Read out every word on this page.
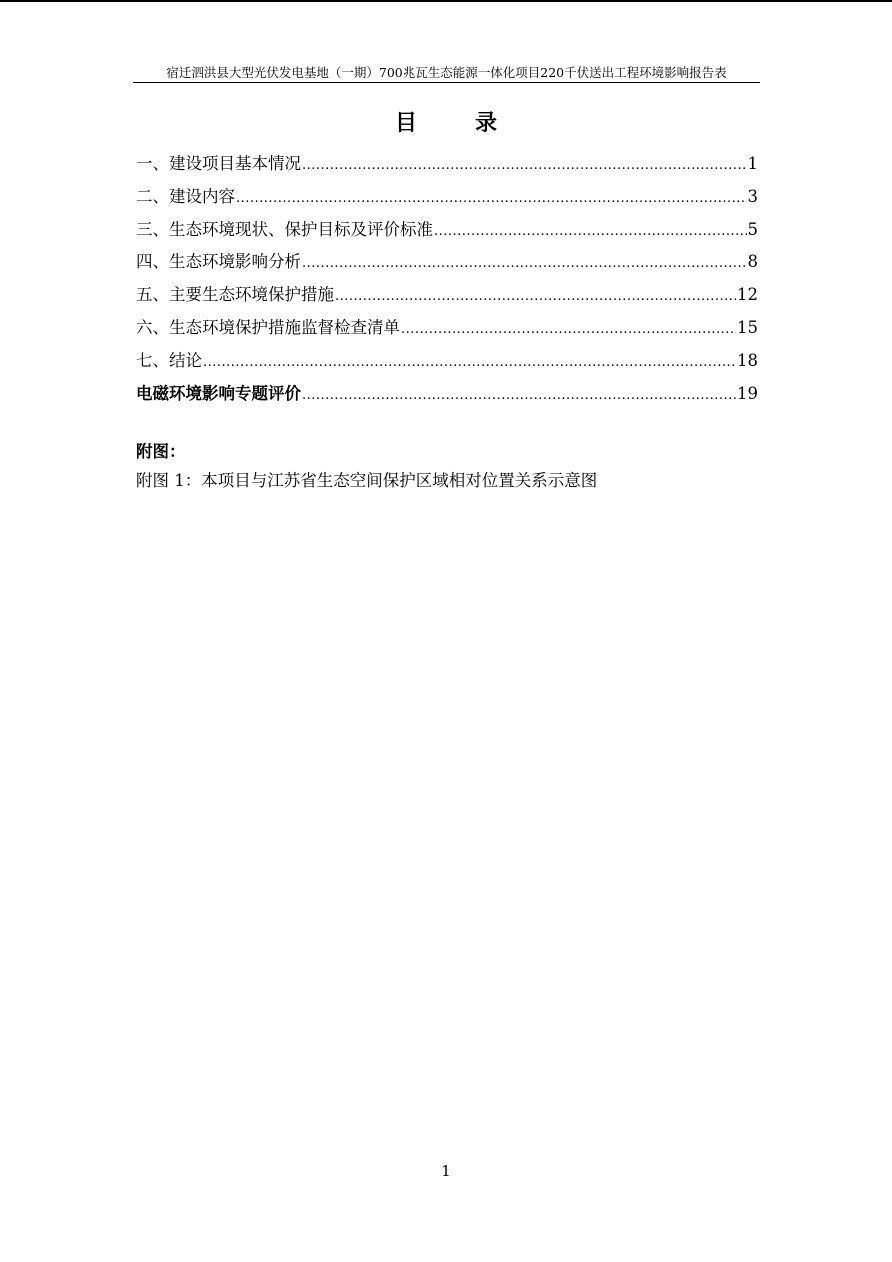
宿迁泗洪县大型光伏发电基地（一期）700兆瓦生态能源一体化项目220千伏送出工程环境影响报告表
目　录
一、建设项目基本情况 .....	1
二、建设内容 .....	3
三、生态环境现状、保护目标及评价标准 .....	5
四、生态环境影响分析 .....	8
五、主要生态环境保护措施 .....	12
六、生态环境保护措施监督检查清单 .....	15
七、结论 .....	18
电磁环境影响专题评价 .....	19
附图：
附图 1：本项目与江苏省生态空间保护区域相对位置关系示意图
1
